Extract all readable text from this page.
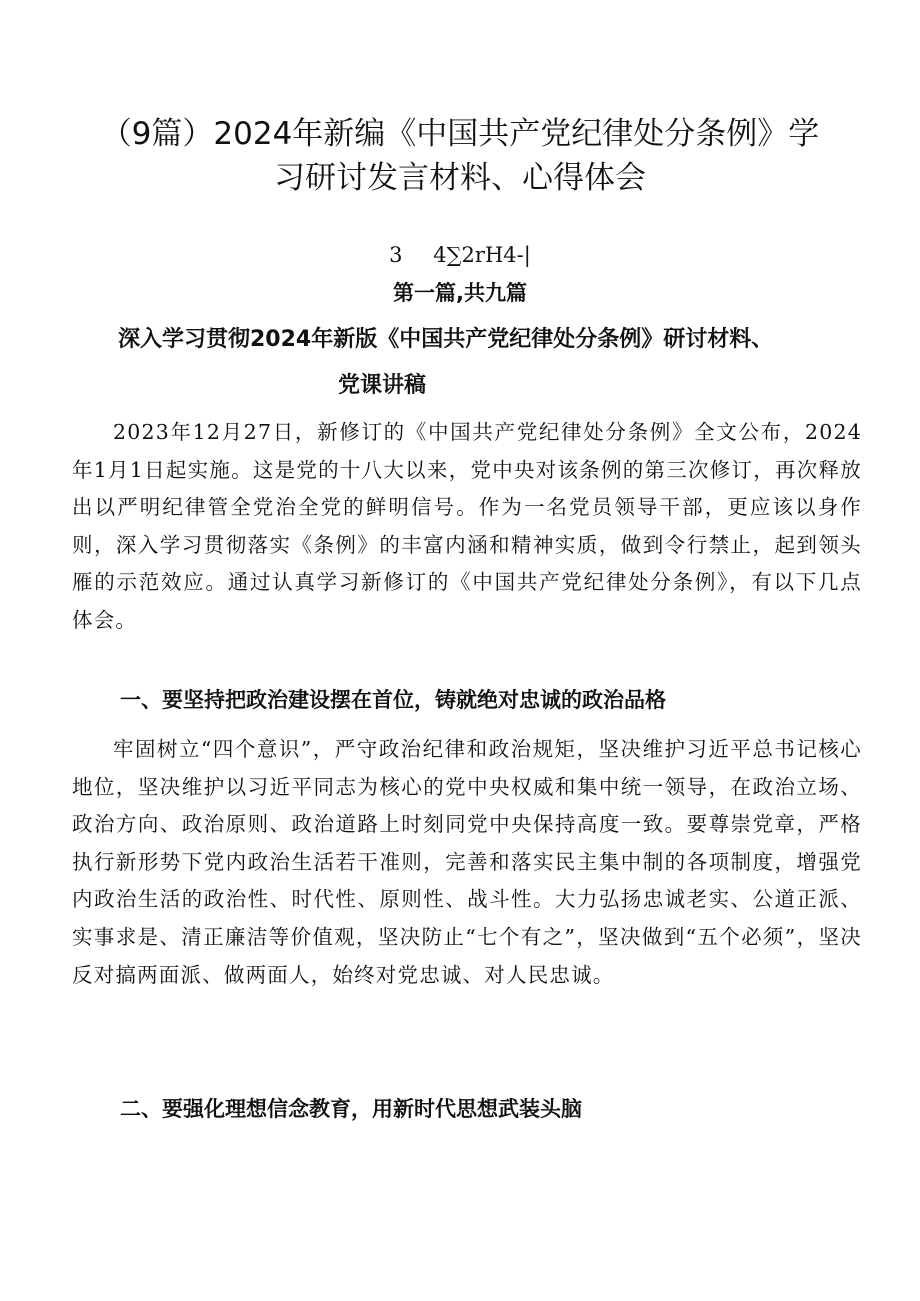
（9篇）2024年新编《中国共产党纪律处分条例》学
习研讨发言材料、心得体会
3 4∑2rH4-|
第一篇,共九篇
深入学习贯彻2024年新版《中国共产党纪律处分条例》研讨材料、
党课讲稿

2023年12月27日，新修订的《中国共产党纪律处分条例》全文公布，2024年1月1日起实施。这是党的十八大以来，党中央对该条例的第三次修订，再次释放出以严明纪律管全党治全党的鲜明信号。作为一名党员领导干部，更应该以身作则，深入学习贯彻落实《条例》的丰富内涵和精神实质，做到令行禁止，起到领头雁的示范效应。通过认真学习新修订的《中国共产党纪律处分条例》，有以下几点体会。

一、要坚持把政治建设摆在首位，铸就绝对忠诚的政治品格

牢固树立“四个意识”，严守政治纪律和政治规矩，坚决维护习近平总书记核心地位，坚决维护以习近平同志为核心的党中央权威和集中统一领导，在政治立场、政治方向、政治原则、政治道路上时刻同党中央保持高度一致。要尊崇党章，严格执行新形势下党内政治生活若干准则，完善和落实民主集中制的各项制度，增强党内政治生活的政治性、时代性、原则性、战斗性。大力弘扬忠诚老实、公道正派、实事求是、清正廉洁等价值观，坚决防止“七个有之”，坚决做到“五个必须”，坚决反对搞两面派、做两面人，始终对党忠诚、对人民忠诚。

二、要强化理想信念教育，用新时代思想武装头脑
